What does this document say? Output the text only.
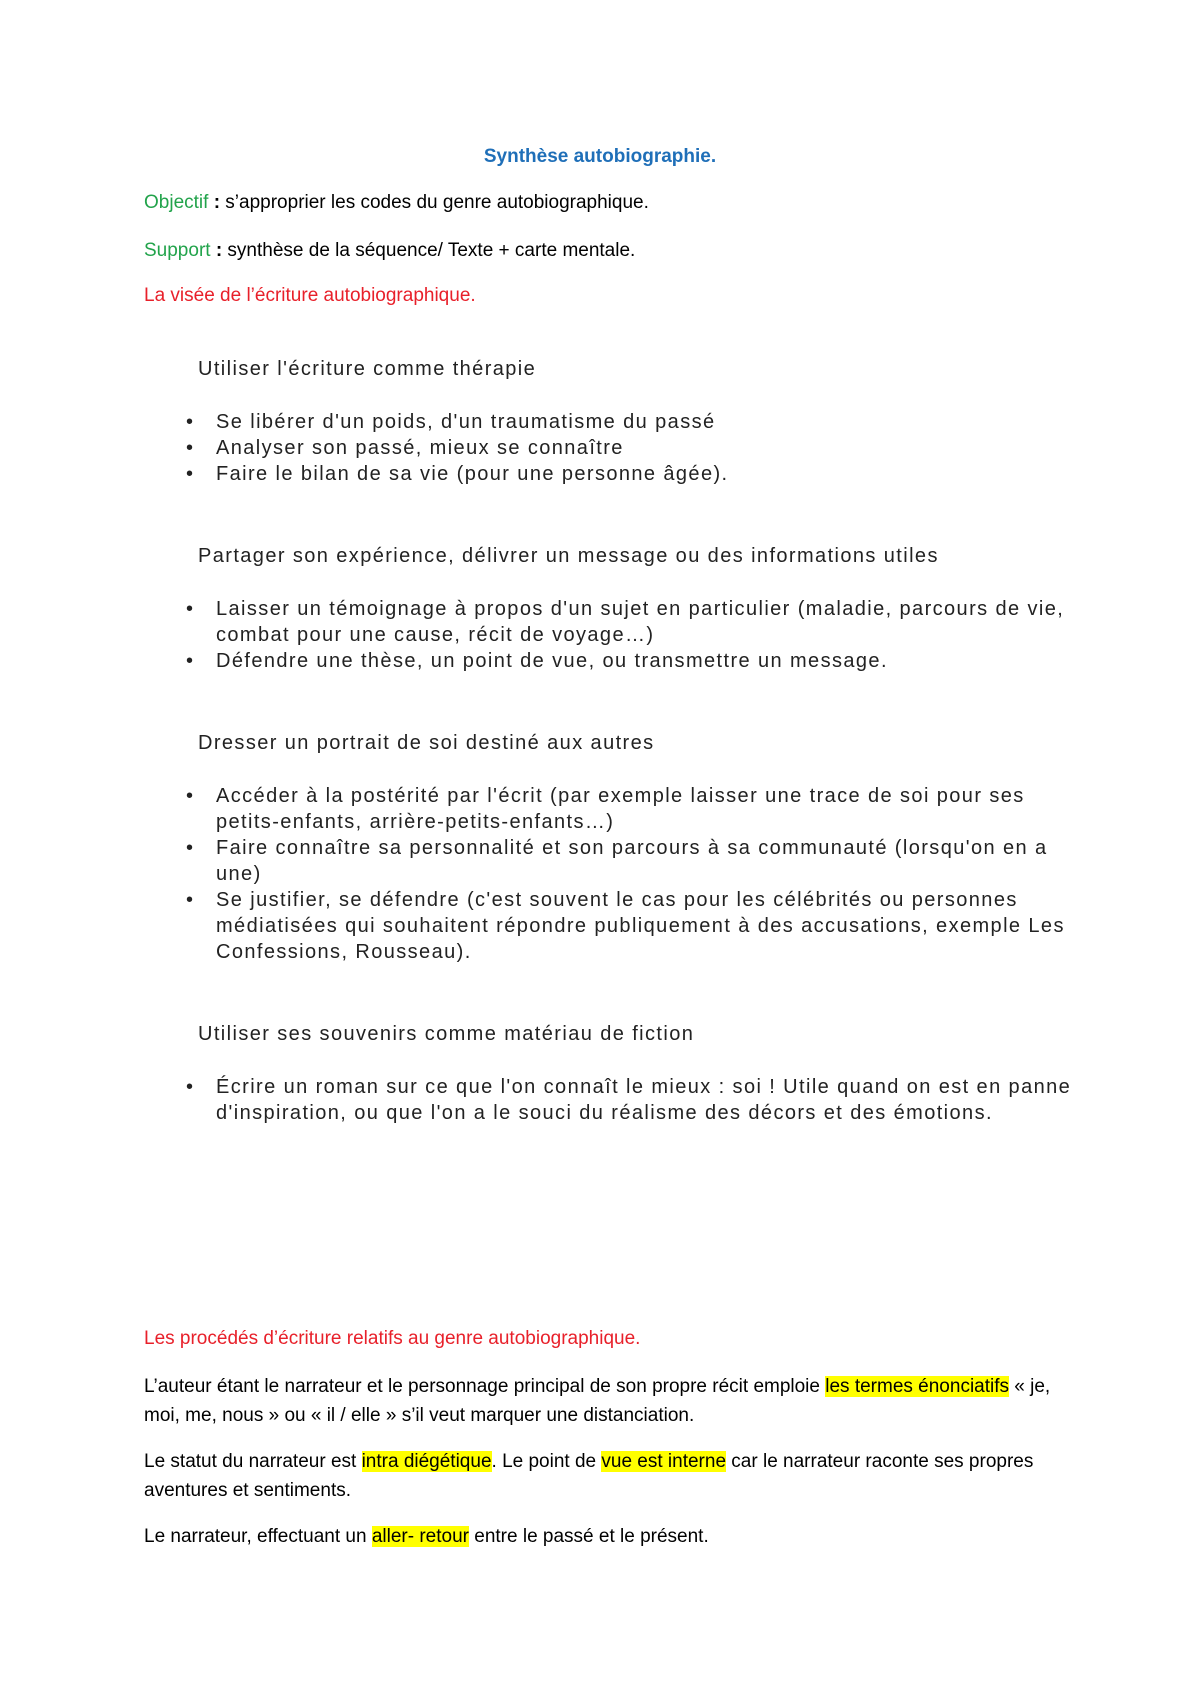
Synthèse autobiographie.

Objectif : s’approprier les codes du genre autobiographique.

Support : synthèse de la séquence/ Texte + carte mentale.

La visée de l’écriture autobiographique.

Utiliser l'écriture comme thérapie

• Se libérer d'un poids, d'un traumatisme du passé
• Analyser son passé, mieux se connaître
• Faire le bilan de sa vie (pour une personne âgée).

Partager son expérience, délivrer un message ou des informations utiles

• Laisser un témoignage à propos d'un sujet en particulier (maladie, parcours de vie, combat pour une cause, récit de voyage…)
• Défendre une thèse, un point de vue, ou transmettre un message.

Dresser un portrait de soi destiné aux autres

• Accéder à la postérité par l'écrit (par exemple laisser une trace de soi pour ses petits-enfants, arrière-petits-enfants…)
• Faire connaître sa personnalité et son parcours à sa communauté (lorsqu'on en a une)
• Se justifier, se défendre (c'est souvent le cas pour les célébrités ou personnes médiatisées qui souhaitent répondre publiquement à des accusations, exemple Les Confessions, Rousseau).

Utiliser ses souvenirs comme matériau de fiction

• Écrire un roman sur ce que l'on connaît le mieux : soi ! Utile quand on est en panne d'inspiration, ou que l'on a le souci du réalisme des décors et des émotions.

Les procédés d’écriture relatifs au genre autobiographique.

L’auteur étant le narrateur et le personnage principal de son propre récit emploie les termes énonciatifs « je, moi, me, nous » ou « il / elle » s’il veut marquer une distanciation.

Le statut du narrateur est intra diégétique. Le point de vue est interne car le narrateur raconte ses propres aventures et sentiments.

Le narrateur, effectuant un aller- retour entre le passé et le présent.
